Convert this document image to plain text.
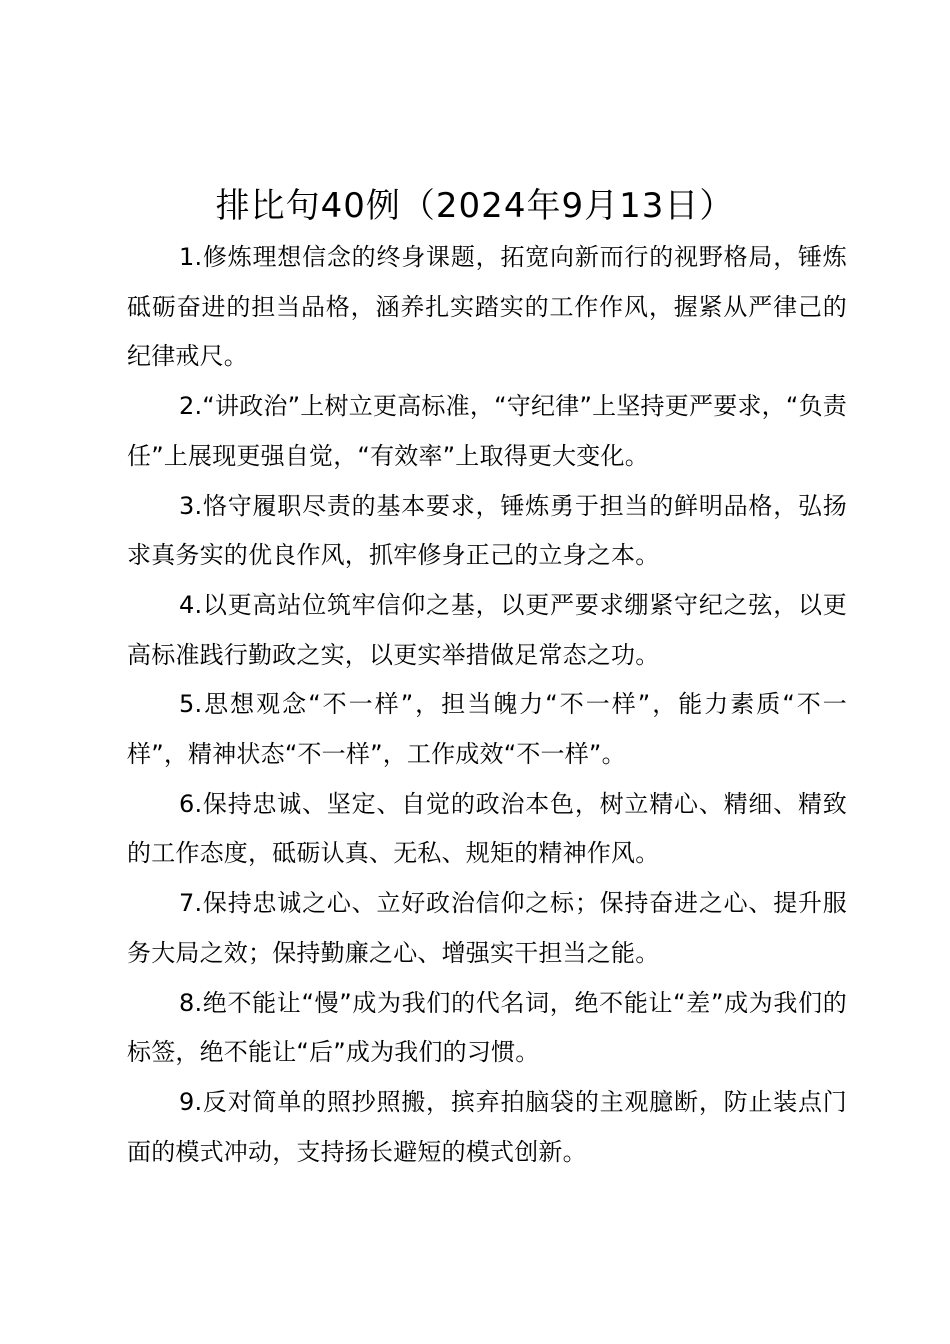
排比句40例（2024年9月13日）

1.修炼理想信念的终身课题，拓宽向新而行的视野格局，锤炼砥砺奋进的担当品格，涵养扎实踏实的工作作风，握紧从严律己的纪律戒尺。

2.“讲政治”上树立更高标准，“守纪律”上坚持更严要求，“负责任”上展现更强自觉，“有效率”上取得更大变化。

3.恪守履职尽责的基本要求，锤炼勇于担当的鲜明品格，弘扬求真务实的优良作风，抓牢修身正己的立身之本。

4.以更高站位筑牢信仰之基，以更严要求绷紧守纪之弦，以更高标准践行勤政之实，以更实举措做足常态之功。

5.思想观念“不一样”，担当魄力“不一样”，能力素质“不一样”，精神状态“不一样”，工作成效“不一样”。

6.保持忠诚、坚定、自觉的政治本色，树立精心、精细、精致的工作态度，砥砺认真、无私、规矩的精神作风。

7.保持忠诚之心、立好政治信仰之标；保持奋进之心、提升服务大局之效；保持勤廉之心、增强实干担当之能。

8.绝不能让“慢”成为我们的代名词，绝不能让“差”成为我们的标签，绝不能让“后”成为我们的习惯。

9.反对简单的照抄照搬，摈弃拍脑袋的主观臆断，防止装点门面的模式冲动，支持扬长避短的模式创新。
